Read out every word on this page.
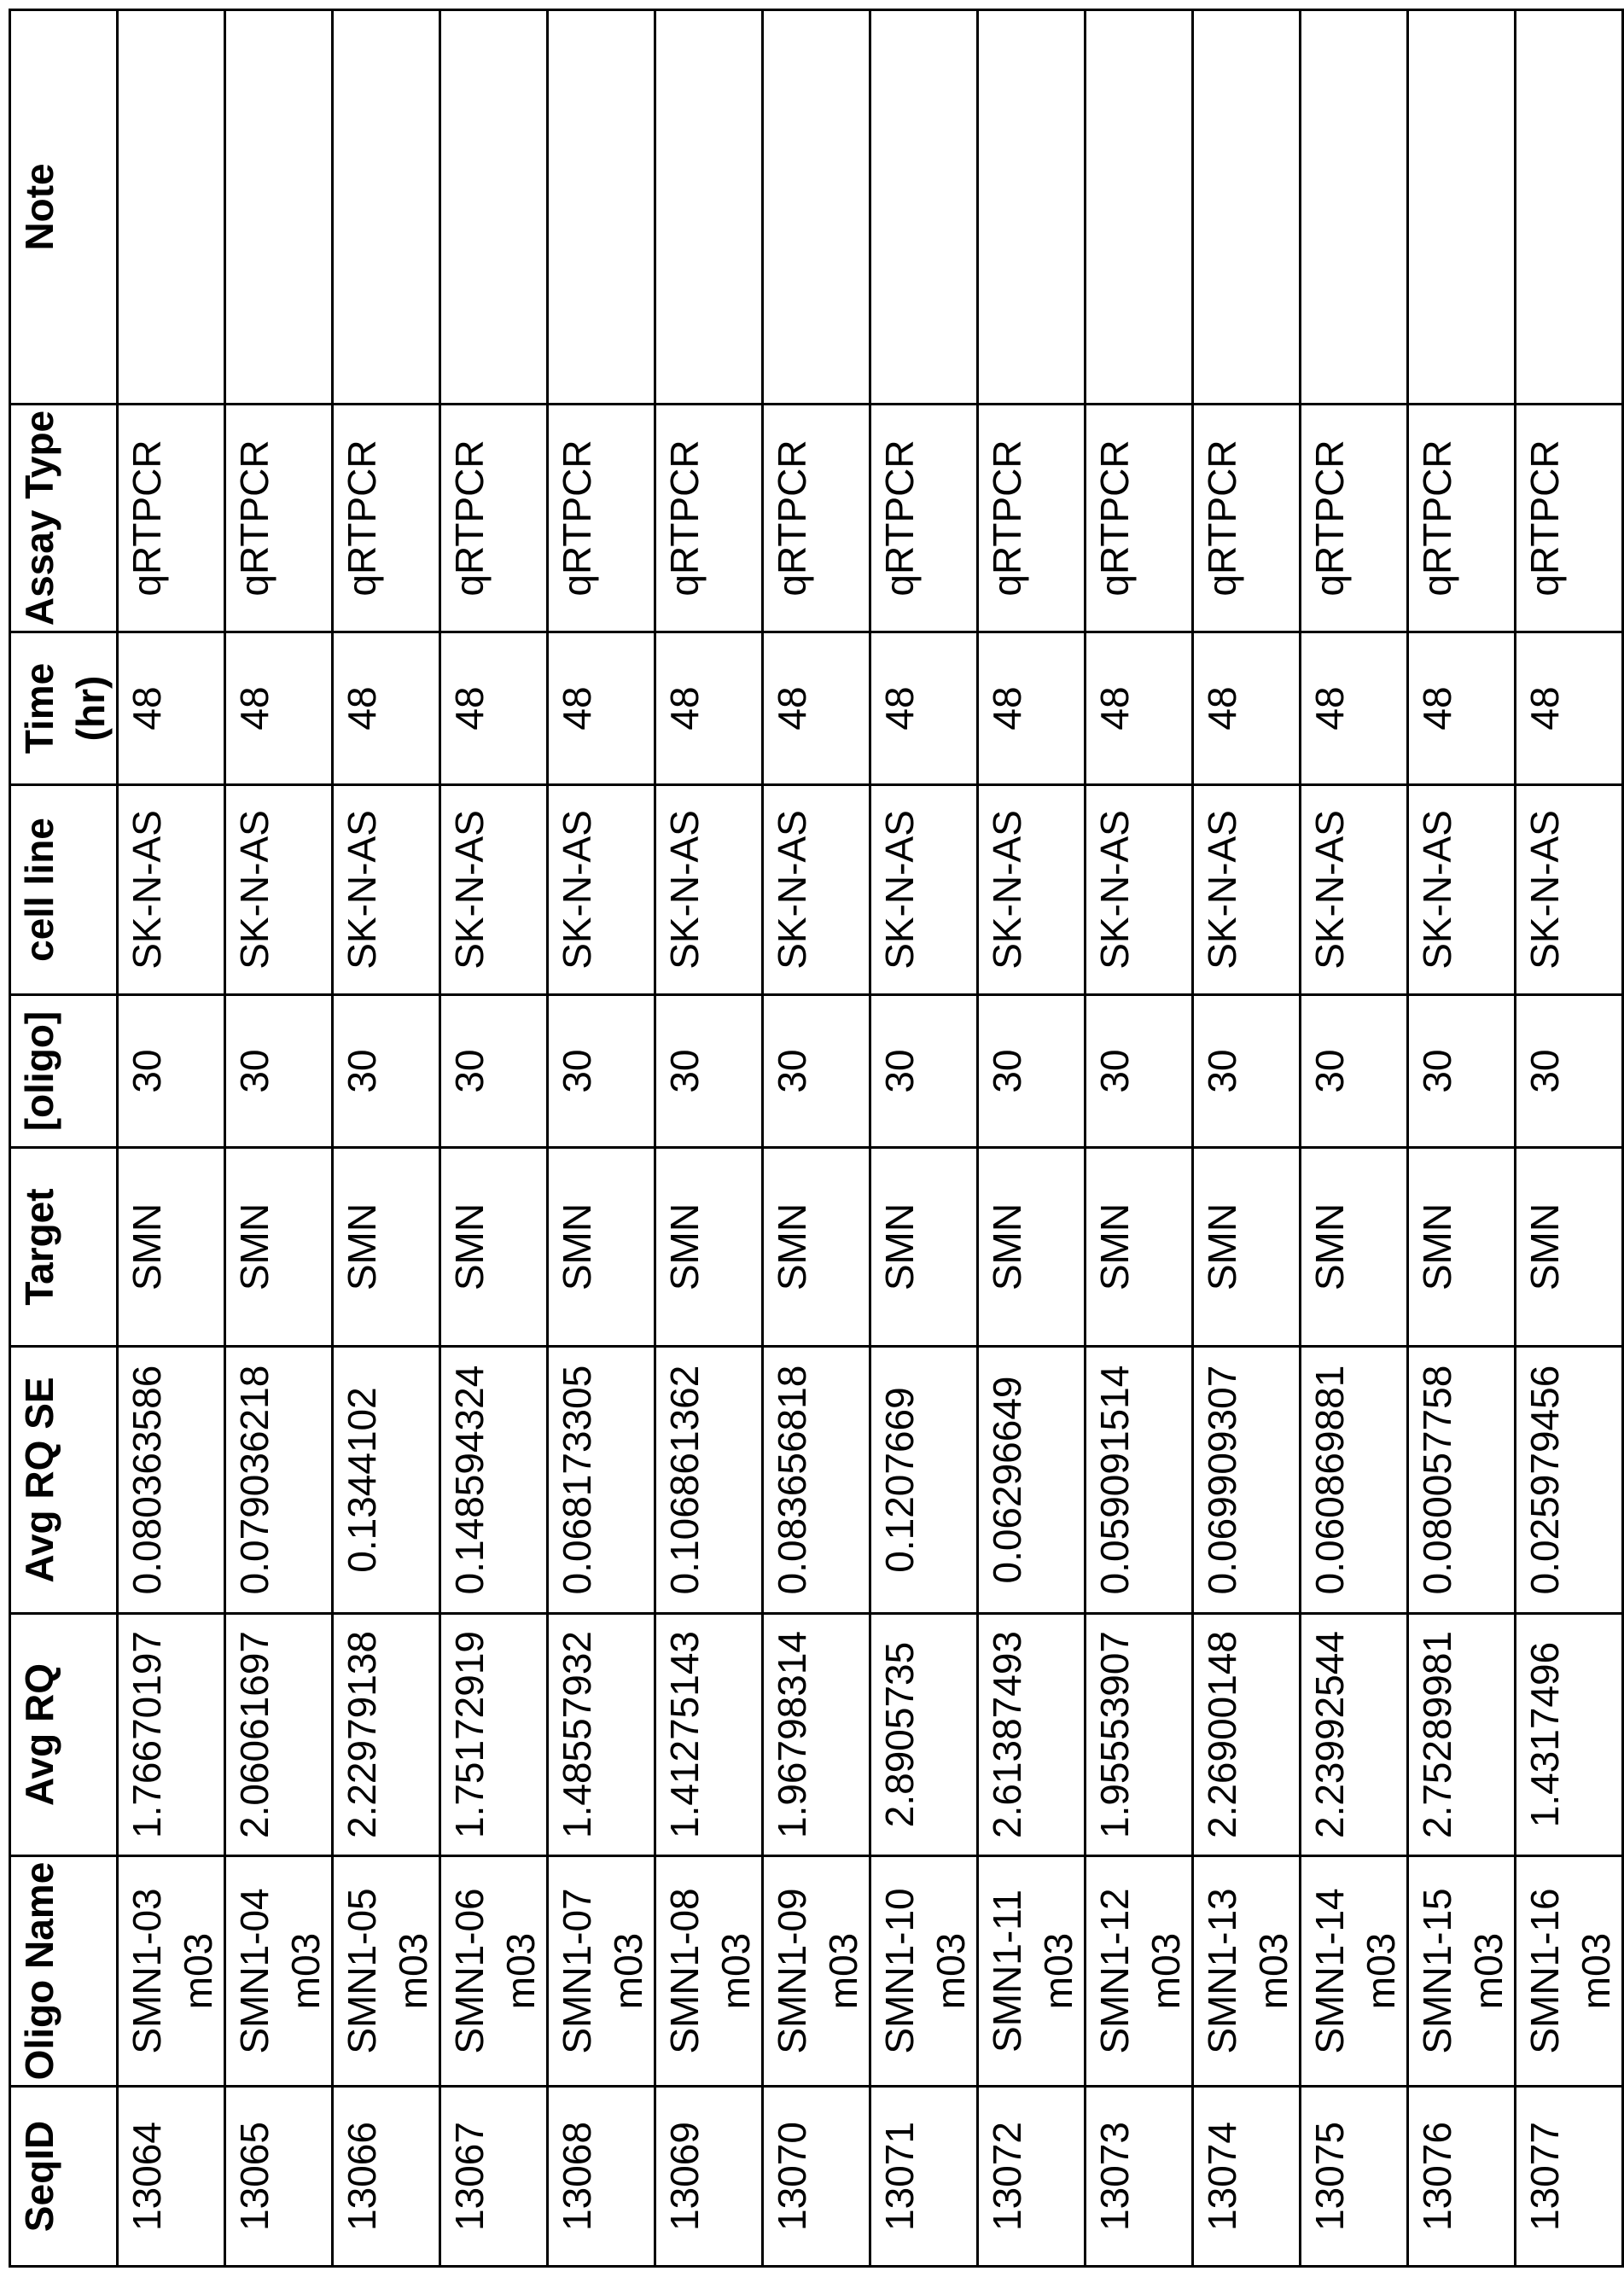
SeqID	Oligo Name	Avg RQ	Avg RQ SE	Target	[oligo]	cell line	Time (hr)	Assay Type	Note
13064	SMN1-03 m03	1.76670197	0.080363586	SMN	30	SK-N-AS	48	qRTPCR	
13065	SMN1-04 m03	2.06061697	0.079036218	SMN	30	SK-N-AS	48	qRTPCR	
13066	SMN1-05 m03	2.22979138	0.1344102	SMN	30	SK-N-AS	48	qRTPCR	
13067	SMN1-06 m03	1.75172919	0.148594324	SMN	30	SK-N-AS	48	qRTPCR	
13068	SMN1-07 m03	1.48557932	0.068173305	SMN	30	SK-N-AS	48	qRTPCR	
13069	SMN1-08 m03	1.41275143	0.106861362	SMN	30	SK-N-AS	48	qRTPCR	
13070	SMN1-09 m03	1.96798314	0.083656818	SMN	30	SK-N-AS	48	qRTPCR	
13071	SMN1-10 m03	2.8905735	0.1207669	SMN	30	SK-N-AS	48	qRTPCR	
13072	SMN1-11 m03	2.61387493	0.06296649	SMN	30	SK-N-AS	48	qRTPCR	
13073	SMN1-12 m03	1.95553907	0.059091514	SMN	30	SK-N-AS	48	qRTPCR	
13074	SMN1-13 m03	2.26900148	0.069909307	SMN	30	SK-N-AS	48	qRTPCR	
13075	SMN1-14 m03	2.23992544	0.060869881	SMN	30	SK-N-AS	48	qRTPCR	
13076	SMN1-15 m03	2.75289981	0.080057758	SMN	30	SK-N-AS	48	qRTPCR	
13077	SMN1-16 m03	1.4317496	0.025979456	SMN	30	SK-N-AS	48	qRTPCR	
